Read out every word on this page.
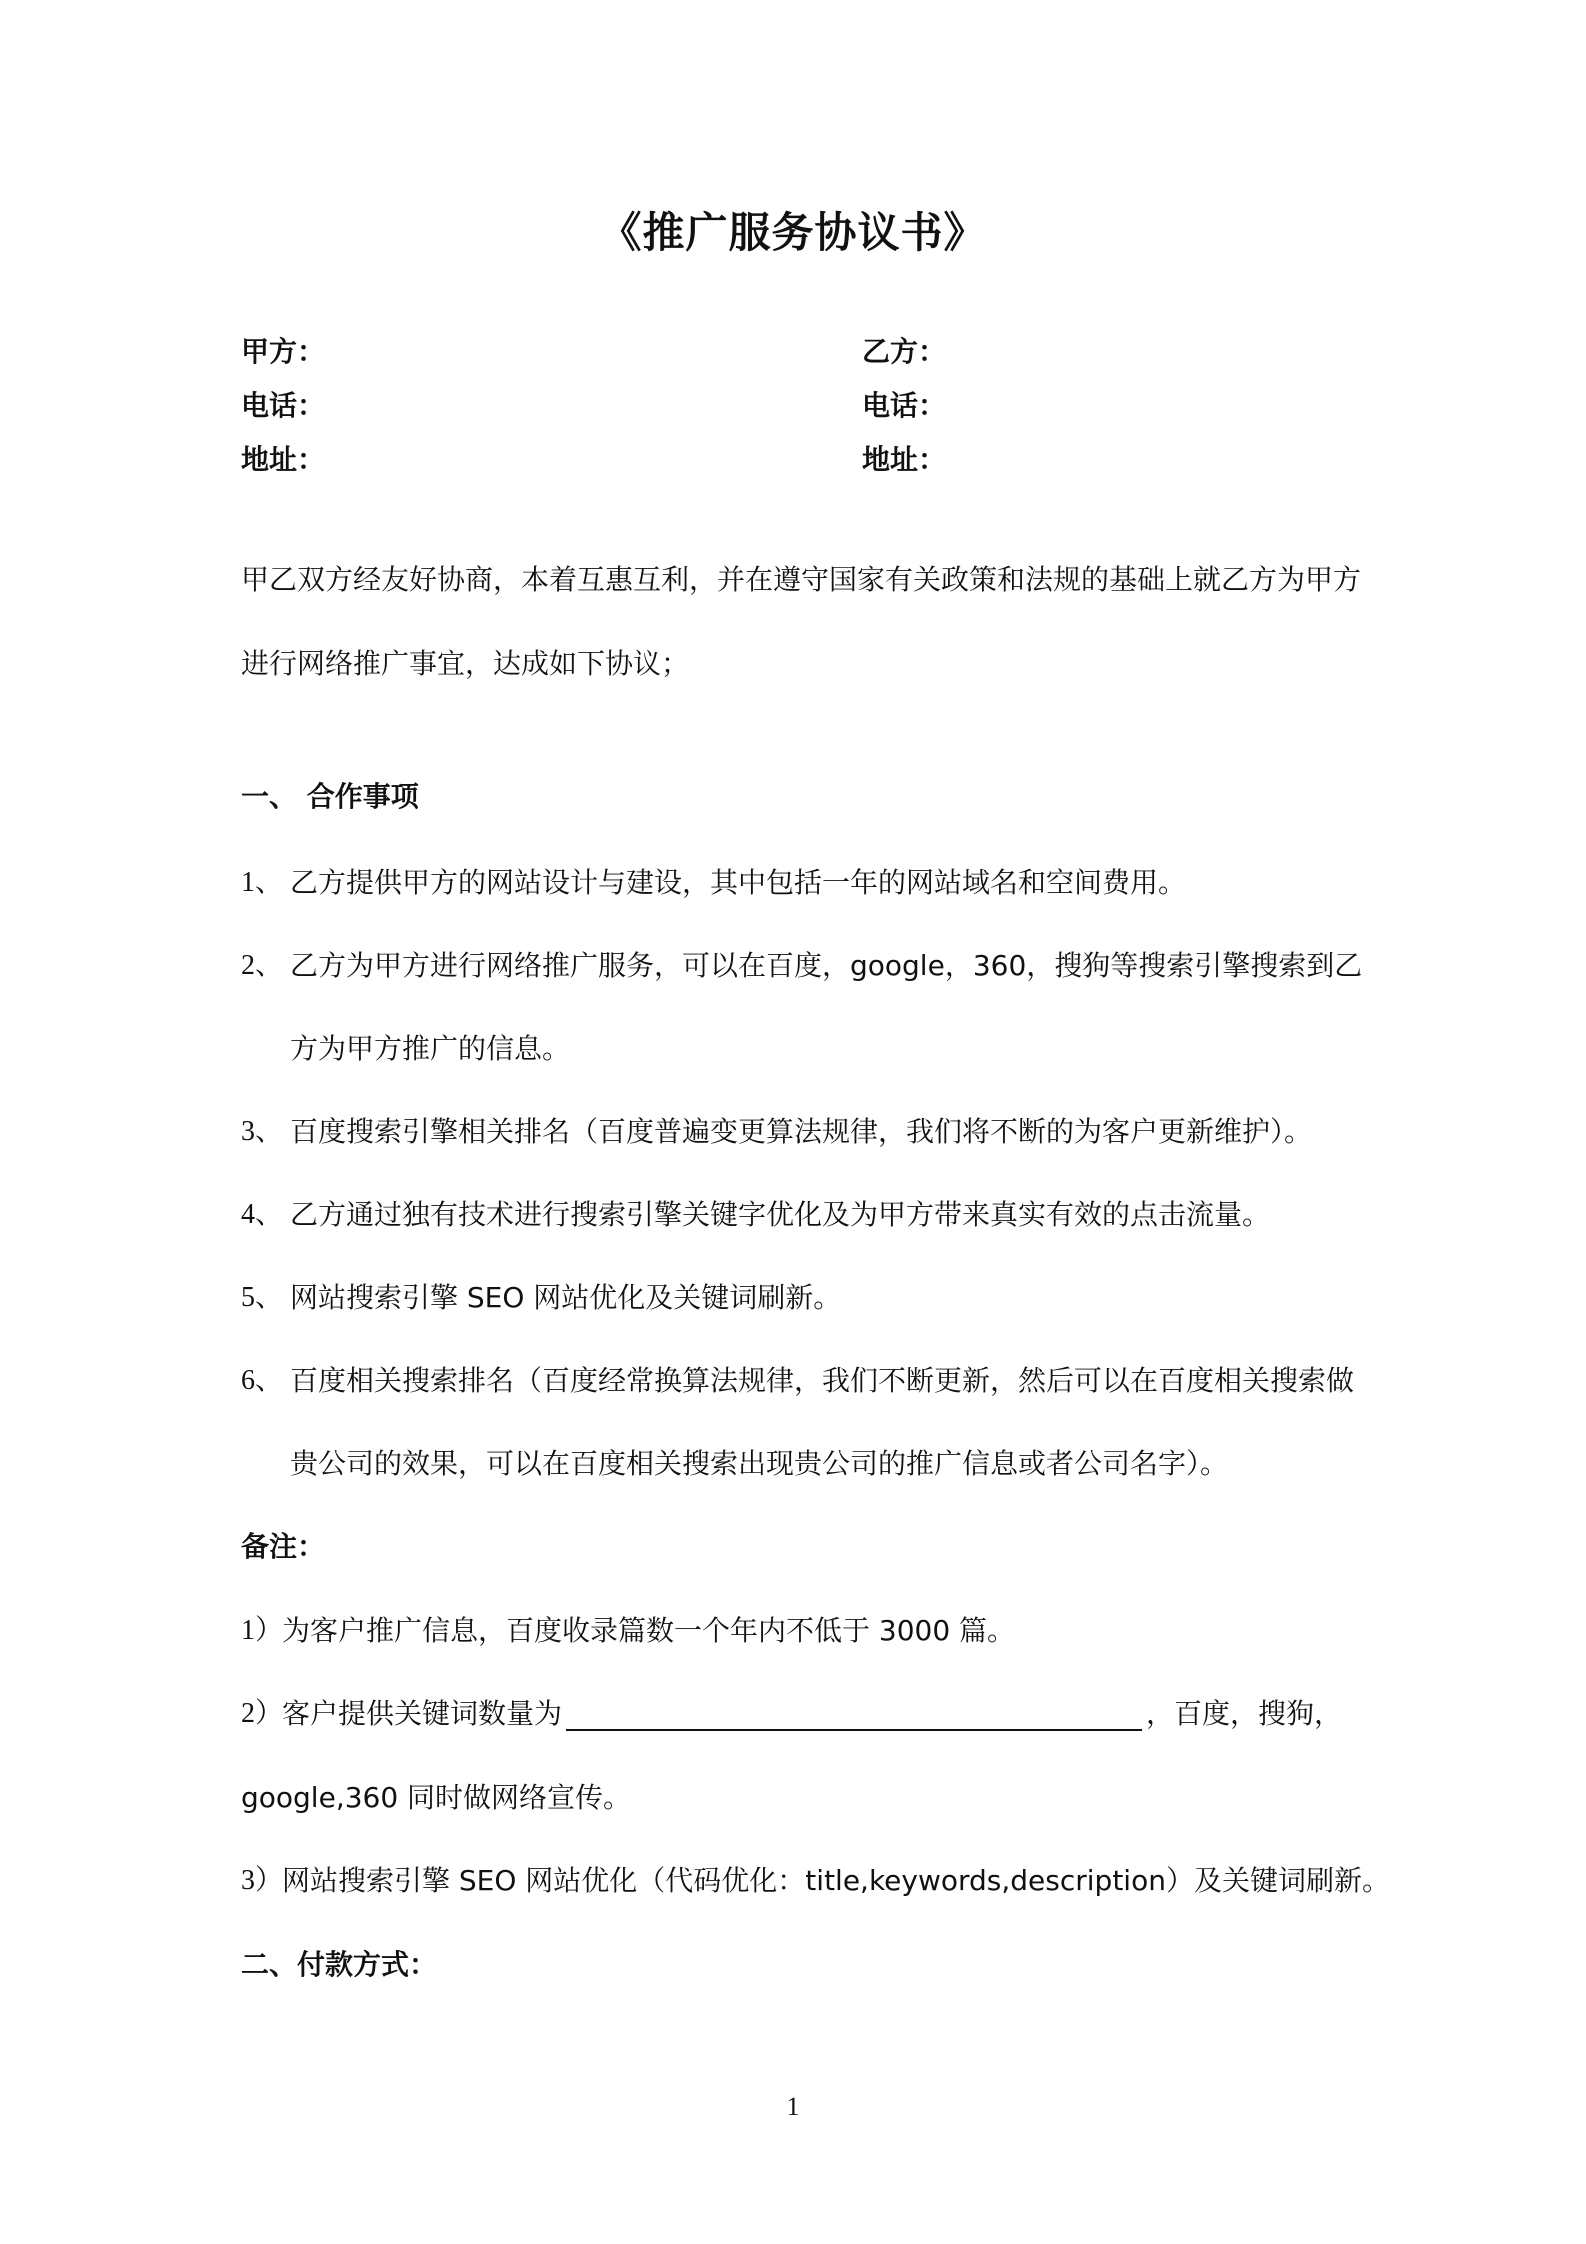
《推广服务协议书》
甲方：	乙方：
电话：	电话：
地址：	地址：
甲乙双方经友好协商，本着互惠互利，并在遵守国家有关政策和法规的基础上就乙方为甲方
进行网络推广事宜，达成如下协议；
一、 合作事项
1、 乙方提供甲方的网站设计与建设，其中包括一年的网站域名和空间费用。
2、 乙方为甲方进行网络推广服务，可以在百度，google，360，搜狗等搜索引擎搜索到乙
方为甲方推广的信息。
3、 百度搜索引擎相关排名（百度普遍变更算法规律，我们将不断的为客户更新维护）。
4、 乙方通过独有技术进行搜索引擎关键字优化及为甲方带来真实有效的点击流量。
5、 网站搜索引擎 SEO 网站优化及关键词刷新。
6、 百度相关搜索排名（百度经常换算法规律，我们不断更新，然后可以在百度相关搜索做
贵公司的效果，可以在百度相关搜索出现贵公司的推广信息或者公司名字）。
备注：
1）
为客户推广信息，百度收录篇数一个年内不低于 3000 篇。
2）
客户提供关键词数量为	，百度，搜狗，
google,360 同时做网络宣传。
3）
网站搜索引擎 SEO 网站优化（代码优化：title,keywords,description）及关键词刷新。
二、付款方式：
1
